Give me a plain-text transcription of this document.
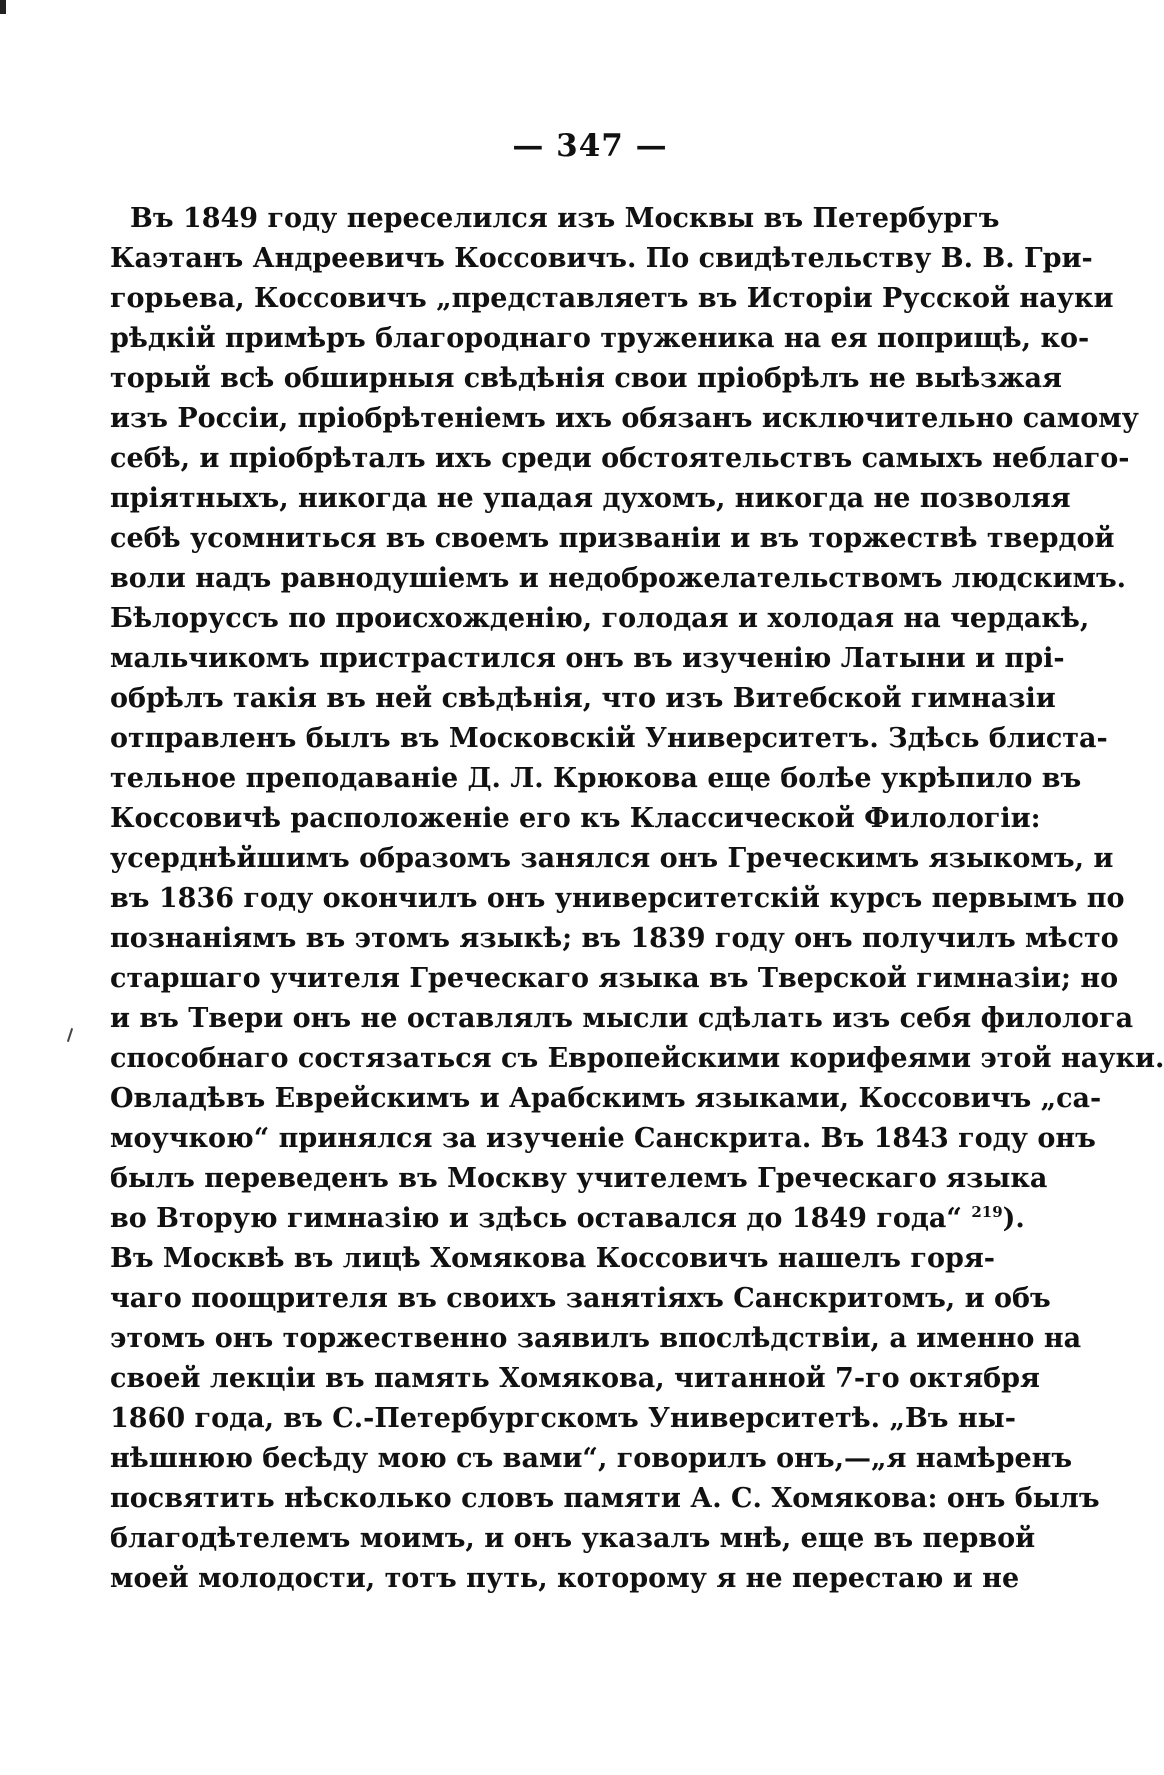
— 347 —
Въ 1849 году переселился изъ Москвы въ Петербургъ
Каэтанъ Андреевичъ Коссовичъ. По свидѣтельству В. В. Гри-
горьева, Коссовичъ „представляетъ въ Исторіи Русской науки
рѣдкій примѣръ благороднаго труженика на ея поприщѣ, ко-
торый всѣ обширныя свѣдѣнія свои пріобрѣлъ не выѣзжая
изъ Россіи, пріобрѣтеніемъ ихъ обязанъ исключительно самому
себѣ, и пріобрѣталъ ихъ среди обстоятельствъ самыхъ неблаго-
пріятныхъ, никогда не упадая духомъ, никогда не позволяя
себѣ усомниться въ своемъ призваніи и въ торжествѣ твердой
воли надъ равнодушіемъ и недоброжелательствомъ людскимъ.
Бѣлоруссъ по происхожденію, голодая и холодая на чердакѣ,
мальчикомъ пристрастился онъ въ изученію Латыни и прі-
обрѣлъ такія въ ней свѣдѣнія, что изъ Витебской гимназіи
отправленъ былъ въ Московскій Университетъ. Здѣсь блиста-
тельное преподаваніе Д. Л. Крюкова еще болѣе укрѣпило въ
Коссовичѣ расположеніе его къ Классической Филологіи:
усерднѣйшимъ образомъ занялся онъ Греческимъ языкомъ, и
въ 1836 году окончилъ онъ университетскій курсъ первымъ по
познаніямъ въ этомъ языкѣ; въ 1839 году онъ получилъ мѣсто
старшаго учителя Греческаго языка въ Тверской гимназіи; но
и въ Твери онъ не оставлялъ мысли сдѣлать изъ себя филолога
способнаго состязаться съ Европейскими корифеями этой науки.
Овладѣвъ Еврейскимъ и Арабскимъ языками, Коссовичъ „са-
моучкою“ принялся за изученіе Санскрита. Въ 1843 году онъ
былъ переведенъ въ Москву учителемъ Греческаго языка
во Вторую гимназію и здѣсь оставался до 1849 года“ $^{219}$).
Въ Москвѣ въ лицѣ Хомякова Коссовичъ нашелъ горя-
чаго поощрителя въ своихъ занятіяхъ Санскритомъ, и объ
этомъ онъ торжественно заявилъ впослѣдствіи, а именно на
своей лекціи въ память Хомякова, читанной 7-го октября
1860 года, въ С.-Петербургскомъ Университетѣ. „Въ ны-
нѣшнюю бесѣду мою съ вами“, говорилъ онъ,—„я намѣренъ
посвятить нѣсколько словъ памяти А. С. Хомякова: онъ былъ
благодѣтелемъ моимъ, и онъ указалъ мнѣ, еще въ первой
моей молодости, тотъ путь, которому я не перестаю и не
